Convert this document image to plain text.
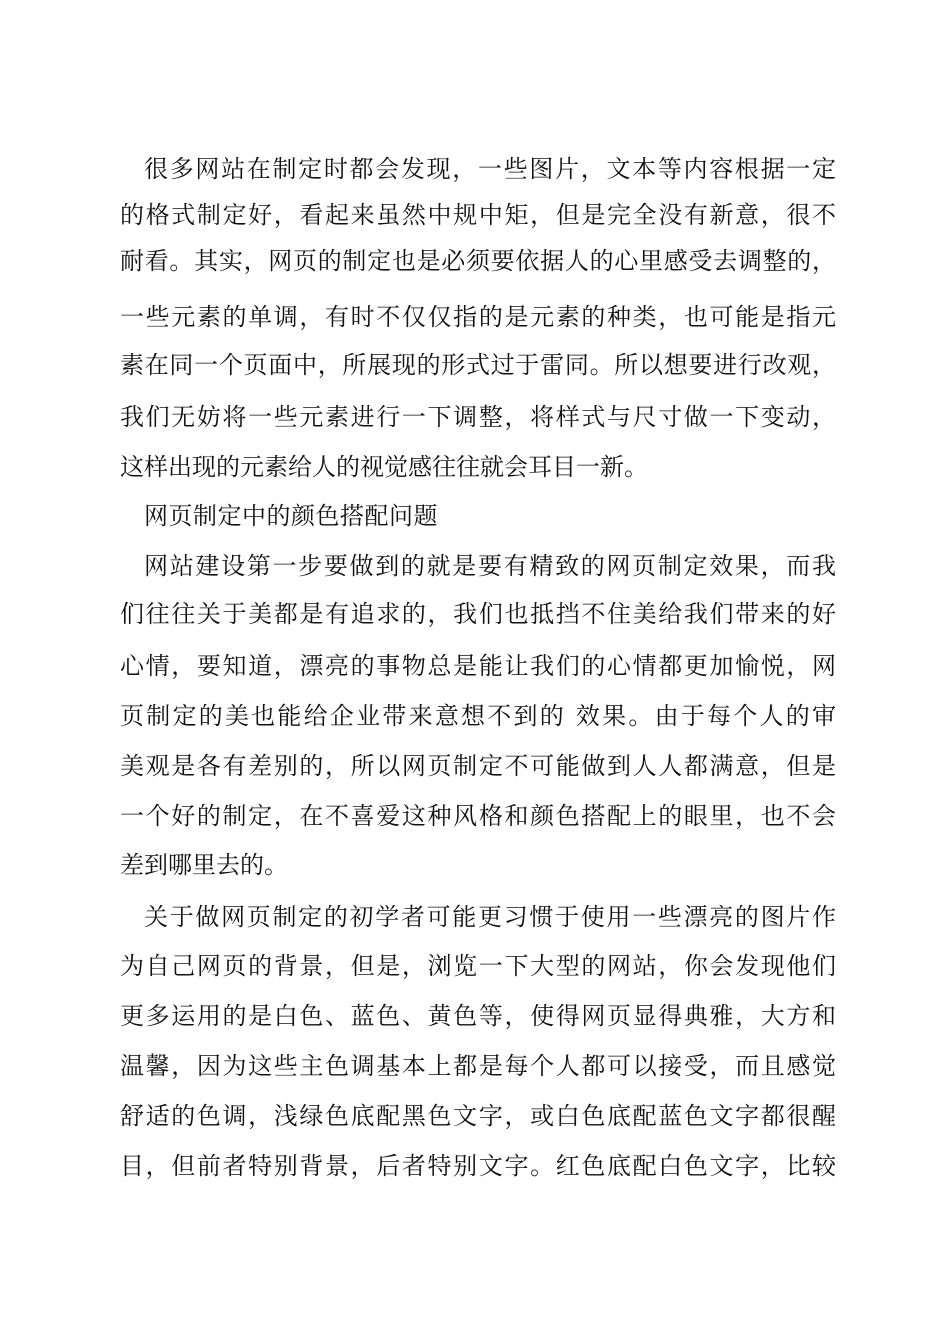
很多网站在制定时都会发现，一些图片，文本等内容根据一定
的格式制定好，看起来虽然中规中矩，但是完全没有新意，很不
耐看。其实，网页的制定也是必须要依据人的心里感受去调整的，
一些元素的单调，有时不仅仅指的是元素的种类，也可能是指元
素在同一个页面中，所展现的形式过于雷同。所以想要进行改观，
我们无妨将一些元素进行一下调整，将样式与尺寸做一下变动，
这样出现的元素给人的视觉感往往就会耳目一新。
网页制定中的颜色搭配问题
网站建设第一步要做到的就是要有精致的网页制定效果，而我
们往往关于美都是有追求的，我们也抵挡不住美给我们带来的好
心情，要知道，漂亮的事物总是能让我们的心情都更加愉悦，网
页制定的美也能给企业带来意想不到的 效果。由于每个人的审
美观是各有差别的，所以网页制定不可能做到人人都满意，但是
一个好的制定，在不喜爱这种风格和颜色搭配上的眼里，也不会
差到哪里去的。
关于做网页制定的初学者可能更习惯于使用一些漂亮的图片作
为自己网页的背景，但是，浏览一下大型的网站，你会发现他们
更多运用的是白色、蓝色、黄色等，使得网页显得典雅，大方和
温馨，因为这些主色调基本上都是每个人都可以接受，而且感觉
舒适的色调，浅绿色底配黑色文字，或白色底配蓝色文字都很醒
目，但前者特别背景，后者特别文字。红色底配白色文字，比较
